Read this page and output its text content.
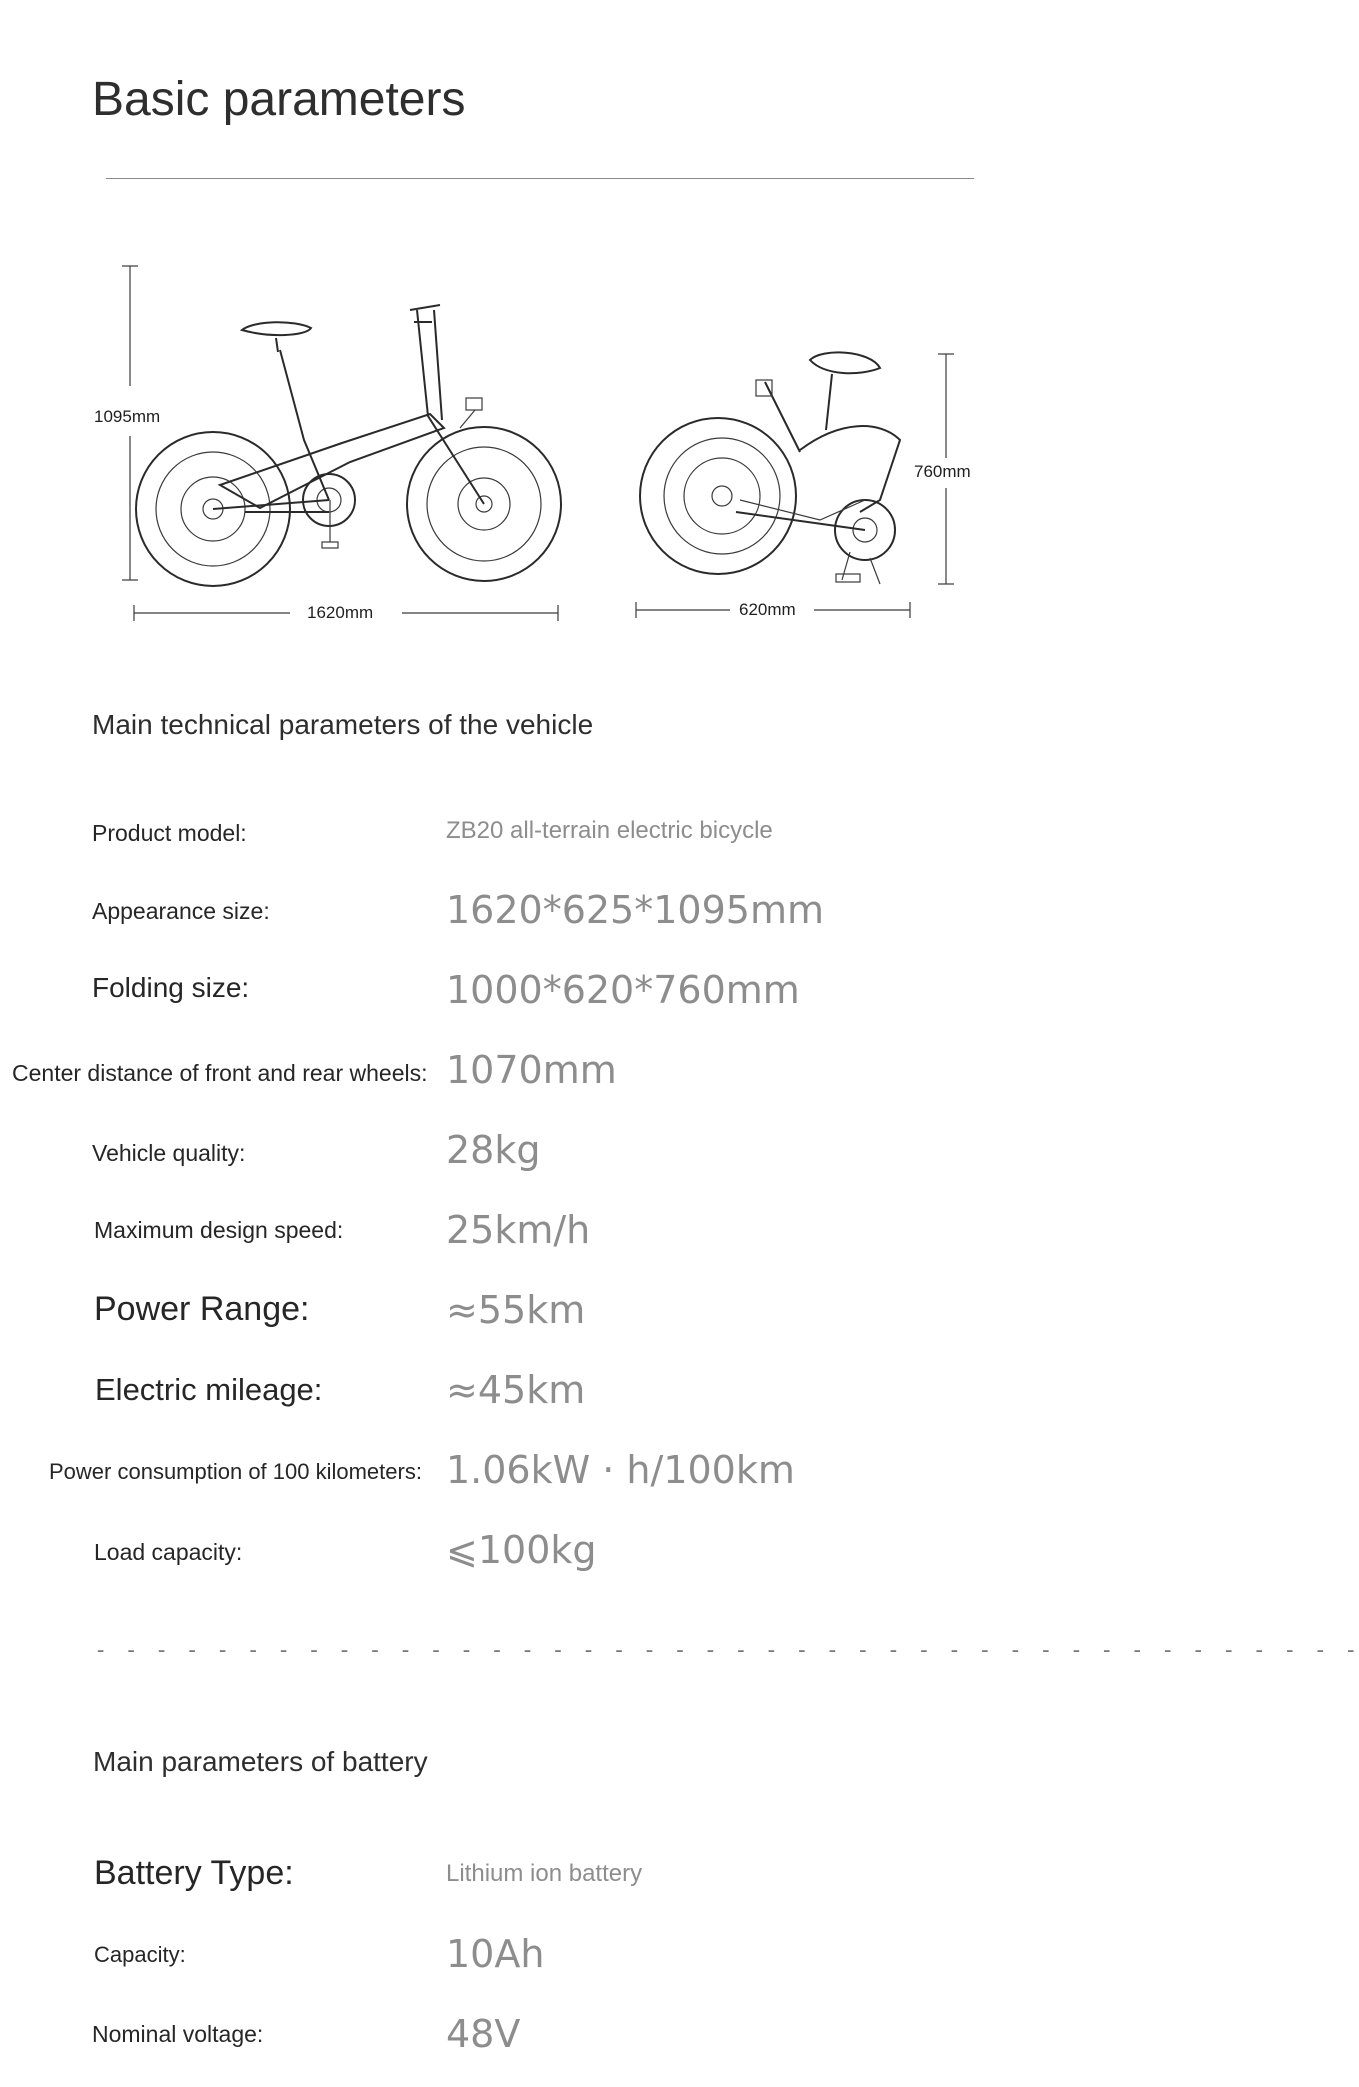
Basic parameters
1095mm
1620mm
760mm
620mm
Main technical parameters of the vehicle
Product model:	ZB20 all-terrain electric bicycle
Appearance size:	1620*625*1095mm
Folding size:	1000*620*760mm
Center distance of front and rear wheels: 1070mm
Vehicle quality:	28kg
Maximum design speed:	25km/h
Power Range:	≈55km
Electric mileage:	≈45km
Power consumption of 100 kilometers: 1.06kW · h/100km
Load capacity:	⩽100kg
- - - - - - - - - - - - - - - - - - - - - - - - - - - - - - - - - - - - - - - - - -
Main parameters of battery
Battery Type:	Lithium ion battery
Capacity:	10Ah
Nominal voltage:	48V
